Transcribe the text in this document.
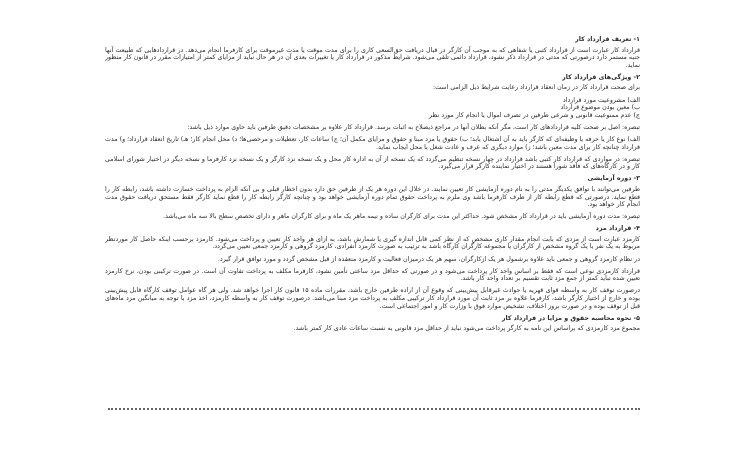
۱- تعریف قرارداد کار

قرارداد کار عبارت است از قرارداد کتبی یا شفاهی که به موجب آن کارگر در قبال دریافت حق‌السعی کاری را برای مدت موقت یا مدت غیرموقت برای کارفرما انجام می‌دهد. در قراردادهایی که طبیعت آنها جنبه مستمر دارد درصورتی که مدتی در قرارداد ذکر نشود، قرارداد دائمی تلقی می‌شود. شرایط مذکور در قرارداد کار یا تغییرات بعدی آن در هر حال نباید از مزایای کمتر از امتیازات مقرر در قانون کار منظور نماید.

۲- ویژگی‌های قرارداد کار

برای صحت قرارداد کار در زمان انعقاد قرارداد رعایت شرایط ذیل الزامی است:

الف) مشروعیت مورد قرارداد

ب) معین بودن موضوع قرارداد

ج) عدم ممنوعیت قانونی و شرعی طرفین در تصرف اموال یا انجام کار مورد نظر

تبصره: اصل بر صحت کلیه قراردادهای کار است، مگر آنکه بطلان آنها در مراجع ذیصلاح به اثبات برسد. قرارداد کار علاوه بر مشخصات دقیق طرفین باید حاوی موارد ذیل باشد:

الف) نوع کار یا حرفه یا وظیفه‌ای که کارگر باید به آن اشتغال یابد؛ ب) حقوق یا مزد مبنا و حقوق و مزایای مکمل آن؛ ج) ساعات کار، تعطیلات و مرخصی‌ها؛ د) محل انجام کار؛ هـ) تاریخ انعقاد قرارداد؛ و) مدت قرارداد چنانچه کار برای مدت معین باشد؛ ز) موارد دیگری که عرف و عادت شغل یا محل ایجاب نماید.

تبصره: در مواردی که قرارداد کار کتبی باشد قرارداد در چهار نسخه تنظیم می‌گردد که یک نسخه از آن به اداره کار محل و یک نسخه نزد کارگر و یک نسخه نزد کارفرما و نسخه دیگر در اختیار شورای اسلامی کار و در کارگاه‌های که فاقد شورا هستند در اختیار نماینده کارگر قرار می‌گیرد.

۳- دوره آزمایشی

طرفین می‌توانند با توافق یکدیگر مدتی را به نام دوره آزمایشی کار تعیین نمایند. در خلال این دوره هر یک از طرفین حق دارد بدون اخطار قبلی و بی آنکه الزام به پرداخت خسارت داشته باشد، رابطه کار را قطع نماید. درصورتی که قطع رابطه کار از طرف کارفرما باشد وی ملزم به پرداخت حقوق تمام دوره آزمایشی خواهد بود و چنانچه کارگر رابطه کار را قطع نماید کارگر فقط مستحق دریافت حقوق مدت انجام کار خواهد بود.

تبصره: مدت دوره آزمایشی باید در قرارداد کار مشخص شود. حداکثر این مدت برای کارگران ساده و نیمه ماهر یک ماه و برای کارگران ماهر و دارای تخصص سطح بالا سه ماه می‌باشد.

۴- قرارداد مزد

کارمزد عبارت است از مزدی که بابت انجام مقدار کاری مشخص که از نظر کمی قابل اندازه گیری یا شمارش باشد، به ازای هر واحد کار تعیین و پرداخت می‌شود. کارمزد برحسب اینکه حاصل کار موردنظر مربوط به یک نفر یا یک گروه مشخص از کارگران یا مجموعه کارگران کارگاه باشد به ترتیب به صورت کارمزد انفرادی، کارمزد گروهی و کارمزد جمعی تعیین می‌گردد.

در نظام کارمزد گروهی و جمعی باید علاوه برشمول هر یک ازکارگران، سهم هر یک درمیزان فعالیت و کارمزد منعقده از قبل مشخص گردد و مورد توافق قرار گیرد.

قرارداد کارمزدی نوعی است که فقط بر اساس واحد کار پرداخت می‌شود و در صورتی که حداقل مزد ساعتی تأمین نشود، کارفرما مکلف به پرداخت تفاوت آن است. در صورت ترکیبی بودن، نرخ کارمزد تعیین شده نباید کمتر از جمع مزد ثابت تقسیم بر تعداد واحد کار باشد.

درصورت توقف کار به واسطه قوای قهریه یا حوادث غیرقابل پیش‌بینی که وقوع آن از اراده طرفین خارج باشد، مقررات ماده ۱۵ قانون کار اجرا خواهد شد. ولی هر گاه عوامل توقف کارگاه قابل پیش‌بینی بوده و خارج از اختیار کارگر باشد، کارفرما علاوه بر مزد ثابت آن مورد قرارداد کار ترکیبی مکلف به پرداخت مزد مبنا می‌باشد. درصورت توقف کار به واسطه کارمزد، اخذ مزد با توجه به میانگین مزد ماه‌های قبل از توقف بوده و در صورت بروز اختلاف، تشخیص موارد فوق با وزارت کار و امور اجتماعی است.

۵- نحوه محاسبه حقوق و مزایا در قرارداد کار

مجموع مزد کارمزدی که براساس این نامه به کارگر پرداخت می‌شود نباید از حداقل مزد قانونی به نسبت ساعات عادی کار کمتر باشد.
